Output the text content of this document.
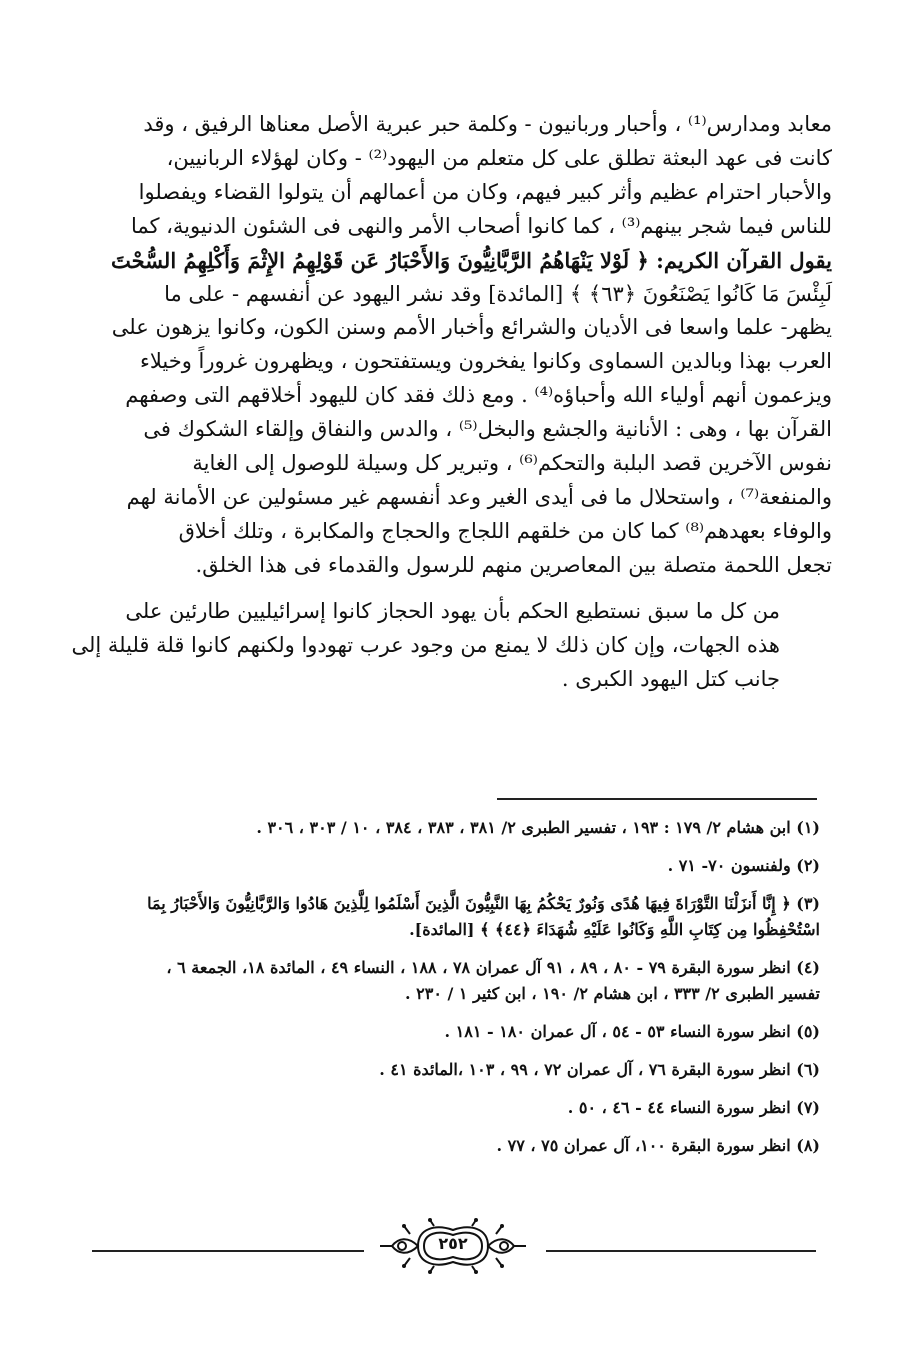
معابد ومدارس⁽¹⁾ ، وأحبار وربانيون - وكلمة حبر عبرية الأصل معناها الرفيق ، وقد
كانت فى عهد البعثة تطلق على كل متعلم من اليهود⁽²⁾ - وكان لهؤلاء الربانيين،
والأحبار احترام عظيم وأثر كبير فيهم، وكان من أعمالهم أن يتولوا القضاء ويفصلوا
للناس فيما شجر بينهم⁽³⁾ ، كما كانوا أصحاب الأمر والنهى فى الشئون الدنيوية، كما
يقول القرآن الكريم: ﴿ لَوْلا يَنْهَاهُمُ الرَّبَّانِيُّونَ وَالأَحْبَارُ عَن قَوْلِهِمُ الإِثْمَ وَأَكْلِهِمُ السُّحْتَ
لَبِئْسَ مَا كَانُوا يَصْنَعُونَ ﴿٦٣﴾ ﴾ [المائدة] وقد نشر اليهود عن أنفسهم - على ما
يظهر- علما واسعا فى الأديان والشرائع وأخبار الأمم وسنن الكون، وكانوا يزهون على
العرب بهذا وبالدين السماوى وكانوا يفخرون ويستفتحون ، ويظهرون غروراً وخيلاء
ويزعمون أنهم أولياء الله وأحباؤه⁽⁴⁾ . ومع ذلك فقد كان لليهود أخلاقهم التى وصفهم
القرآن بها ، وهى : الأنانية والجشع والبخل⁽⁵⁾ ، والدس والنفاق وإلقاء الشكوك فى
نفوس الآخرين قصد البلبة والتحكم⁽⁶⁾ ، وتبرير كل وسيلة للوصول إلى الغاية
والمنفعة⁽⁷⁾ ، واستحلال ما فى أيدى الغير وعد أنفسهم غير مسئولين عن الأمانة لهم
والوفاء بعهدهم⁽⁸⁾ كما كان من خلقهم اللجاج والحجاج والمكابرة ، وتلك أخلاق
تجعل اللحمة متصلة بين المعاصرين منهم للرسول والقدماء فى هذا الخلق.

من كل ما سبق نستطيع الحكم بأن يهود الحجاز كانوا إسرائيليين طارئين على
هذه الجهات، وإن كان ذلك لا يمنع من وجود عرب تهودوا ولكنهم كانوا قلة قليلة إلى
جانب كتل اليهود الكبرى .

(١) ابن هشام ٢/ ١٧٩ : ١٩٣ ، تفسير الطبرى ٢/ ٣٨١ ، ٣٨٣ ، ٣٨٤ ، ١٠ / ٣٠٣ ، ٣٠٦ .

(٢) ولفنسون ٧٠- ٧١ .

(٣) ﴿ إِنَّا أَنزَلْنَا التَّوْرَاةَ فِيهَا هُدًى وَنُورٌ يَحْكُمُ بِهَا النَّبِيُّونَ الَّذِينَ أَسْلَمُوا لِلَّذِينَ هَادُوا وَالرَّبَّانِيُّونَ وَالأَحْبَارُ بِمَا
اسْتُحْفِظُوا مِن كِتَابِ اللَّهِ وَكَانُوا عَلَيْهِ شُهَدَاءَ ﴿٤٤﴾ ﴾ [المائدة].

(٤) انظر سورة البقرة ٧٩ - ٨٠ ، ٨٩ ، ٩١ آل عمران ٧٨ ، ١٨٨ ، النساء ٤٩ ، المائدة ١٨، الجمعة ٦ ،
تفسير الطبرى ٢/ ٣٣٣ ، ابن هشام ٢/ ١٩٠ ، ابن كثير ١ / ٢٣٠ .

(٥) انظر سورة النساء ٥٣ - ٥٤ ، آل عمران ١٨٠ - ١٨١ .

(٦) انظر سورة البقرة ٧٦ ، آل عمران ٧٢ ، ٩٩ ، ١٠٣ ،المائدة ٤١ .

(٧) انظر سورة النساء ٤٤ - ٤٦ ، ٥٠ .

(٨) انظر سورة البقرة ١٠٠، آل عمران ٧٥ ، ٧٧ .

٢٥٢
